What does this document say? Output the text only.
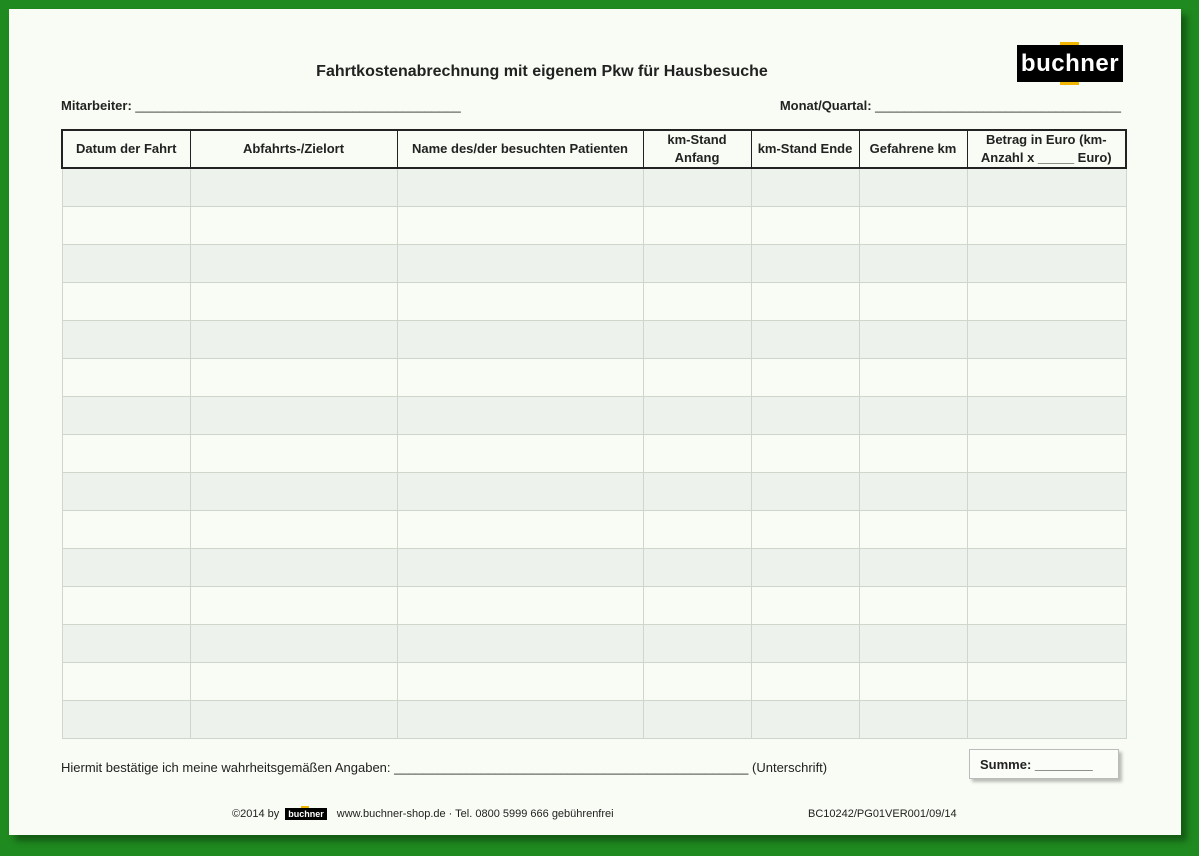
Fahrtkostenabrechnung mit eigenem Pkw für Hausbesuche	buchner
Mitarbeiter: _____________________________________________	Monat/Quartal: __________________________________
Datum der Fahrt	Abfahrts-/Zielort	Name des/der besuchten Patienten	km-Stand Anfang	km-Stand Ende	Gefahrene km	Betrag in Euro (km-Anzahl x _____ Euro)

Hiermit bestätige ich meine wahrheitsgemäßen Angaben: _________________________________________________ (Unterschrift)	Summe: ________
©2014 by	buchner www.buchner-shop.de · Tel. 0800 5999 666 gebührenfrei	BC10242/PG01VER001/09/14
